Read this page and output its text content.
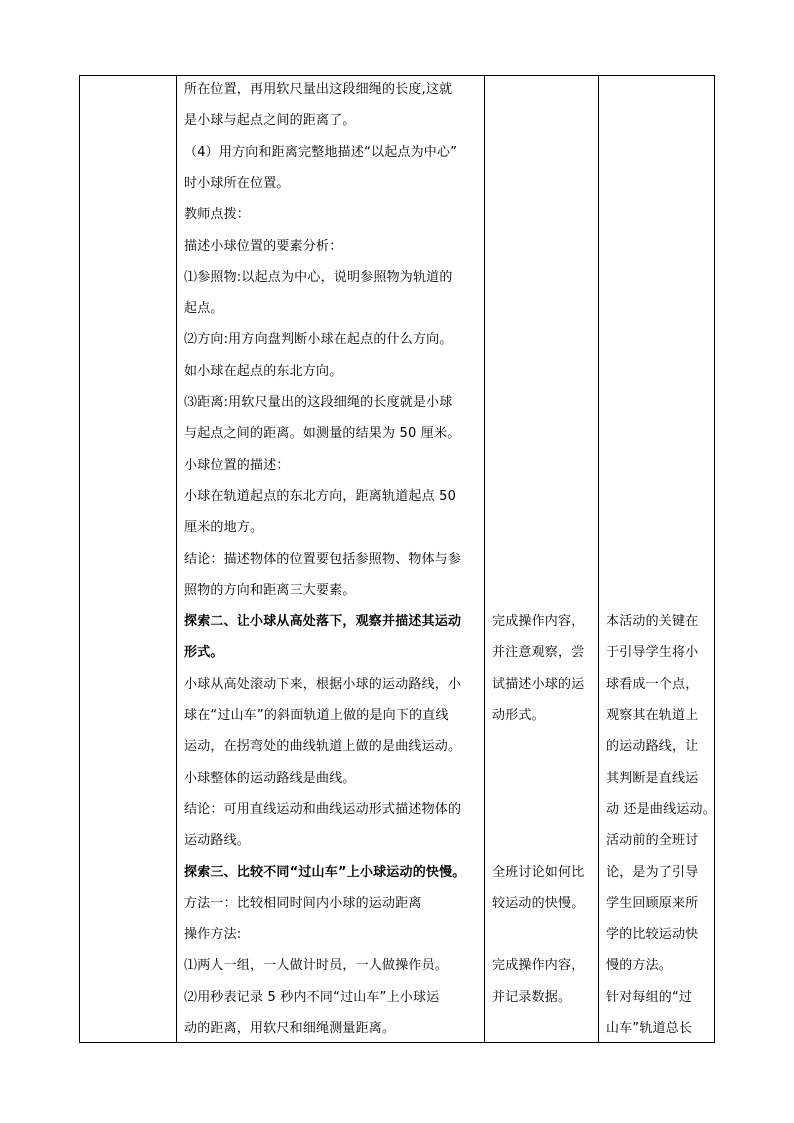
所在位置，再用软尺量出这段细绳的长度,这就
是小球与起点之间的距离了。
（4）用方向和距离完整地描述“以起点为中心”
时小球所在位置。
教师点拨：
描述小球位置的要素分析：
⑴参照物:以起点为中心，说明参照物为轨道的
起点。
⑵方向:用方向盘判断小球在起点的什么方向。
如小球在起点的东北方向。
⑶距离:用软尺量出的这段细绳的长度就是小球
与起点之间的距离。如测量的结果为 50 厘米。
小球位置的描述：
小球在轨道起点的东北方向，距离轨道起点 50
厘米的地方。
结论：描述物体的位置要包括参照物、物体与参
照物的方向和距离三大要素。
探索二、让小球从高处落下，观察并描述其运动
形式。
小球从高处滚动下来，根据小球的运动路线，小
球在“过山车”的斜面轨道上做的是向下的直线
运动，在拐弯处的曲线轨道上做的是曲线运动。
小球整体的运动路线是曲线。
结论：可用直线运动和曲线运动形式描述物体的
运动路线。
探索三、比较不同“过山车”上小球运动的快慢。
方法一：比较相同时间内小球的运动距离
操作方法:
⑴两人一组，一人做计时员，一人做操作员。
⑵用秒表记录 5 秒内不同“过山车”上小球运
动的距离，用软尺和细绳测量距离。
完成操作内容，
并注意观察，尝
试描述小球的运
动形式。
全班讨论如何比
较运动的快慢。
完成操作内容，
并记录数据。
本活动的关键在
于引导学生将小
球看成一个点，
观察其在轨道上
的运动路线，让
其判断是直线运
动 还是曲线运动。
活动前的全班讨
论，是为了引导
学生回顾原来所
学的比较运动快
慢的方法。
针对每组的“过
山车”轨道总长
